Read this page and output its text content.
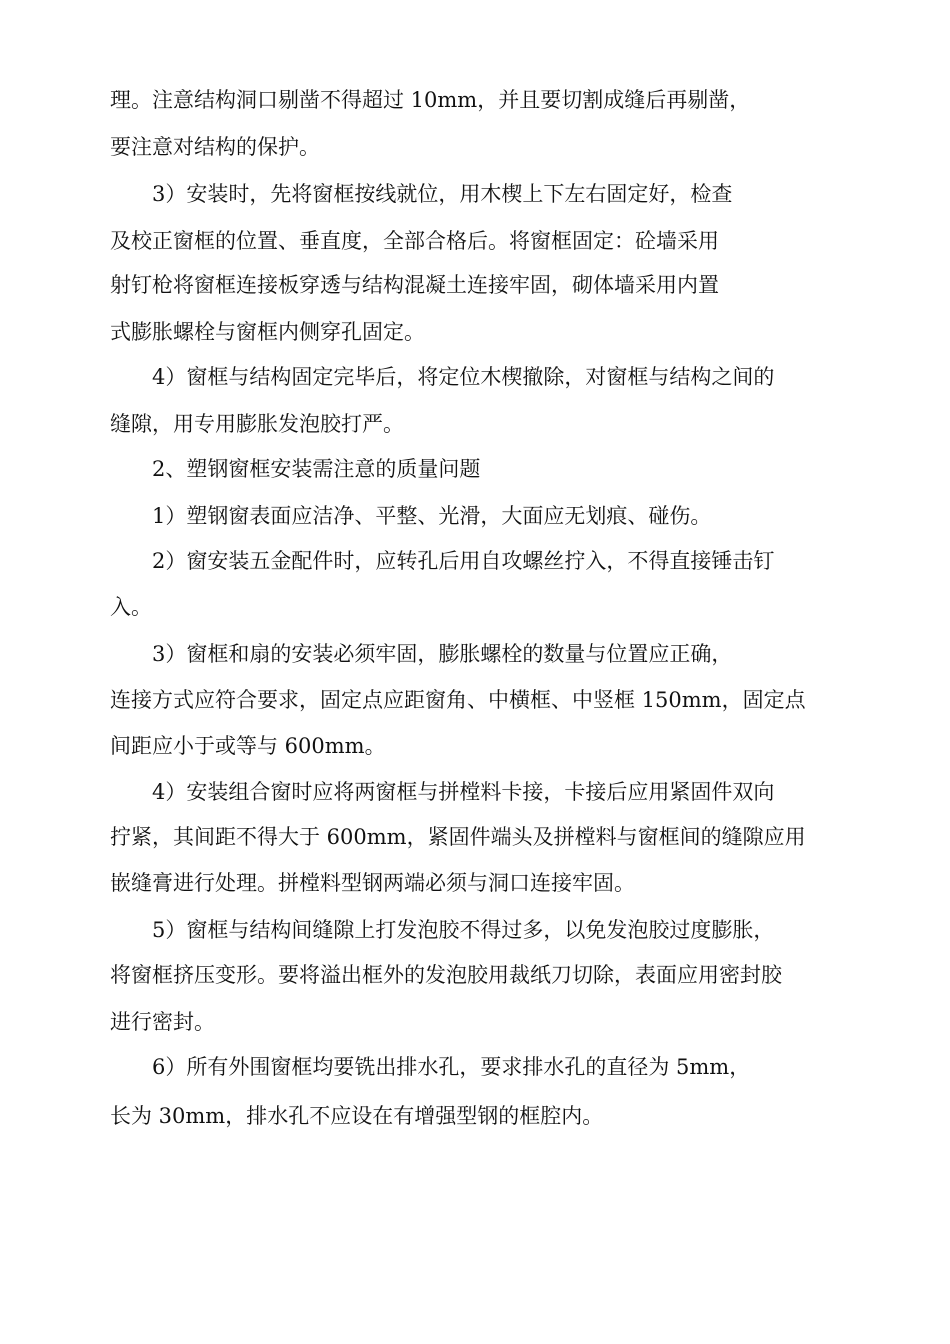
理。注意结构洞口剔凿不得超过 10mm，并且要切割成缝后再剔凿，

要注意对结构的保护。

3）安装时，先将窗框按线就位，用木楔上下左右固定好，检查

及校正窗框的位置、垂直度，全部合格后。将窗框固定：砼墙采用

射钉枪将窗框连接板穿透与结构混凝土连接牢固，砌体墙采用内置

式膨胀螺栓与窗框内侧穿孔固定。

4）窗框与结构固定完毕后，将定位木楔撤除，对窗框与结构之间的

缝隙，用专用膨胀发泡胶打严。

2、塑钢窗框安装需注意的质量问题

1）塑钢窗表面应洁净、平整、光滑，大面应无划痕、碰伤。

2）窗安装五金配件时，应转孔后用自攻螺丝拧入，不得直接锤击钉

入。

3）窗框和扇的安装必须牢固，膨胀螺栓的数量与位置应正确，

连接方式应符合要求，固定点应距窗角、中横框、中竖框 150mm，固定点

间距应小于或等与 600mm。

4）安装组合窗时应将两窗框与拼樘料卡接，卡接后应用紧固件双向

拧紧，其间距不得大于 600mm，紧固件端头及拼樘料与窗框间的缝隙应用

嵌缝膏进行处理。拼樘料型钢两端必须与洞口连接牢固。

5）窗框与结构间缝隙上打发泡胶不得过多，以免发泡胶过度膨胀，

将窗框挤压变形。要将溢出框外的发泡胶用裁纸刀切除，表面应用密封胶

进行密封。

6）所有外围窗框均要铣出排水孔，要求排水孔的直径为 5mm，

长为 30mm，排水孔不应设在有增强型钢的框腔内。
